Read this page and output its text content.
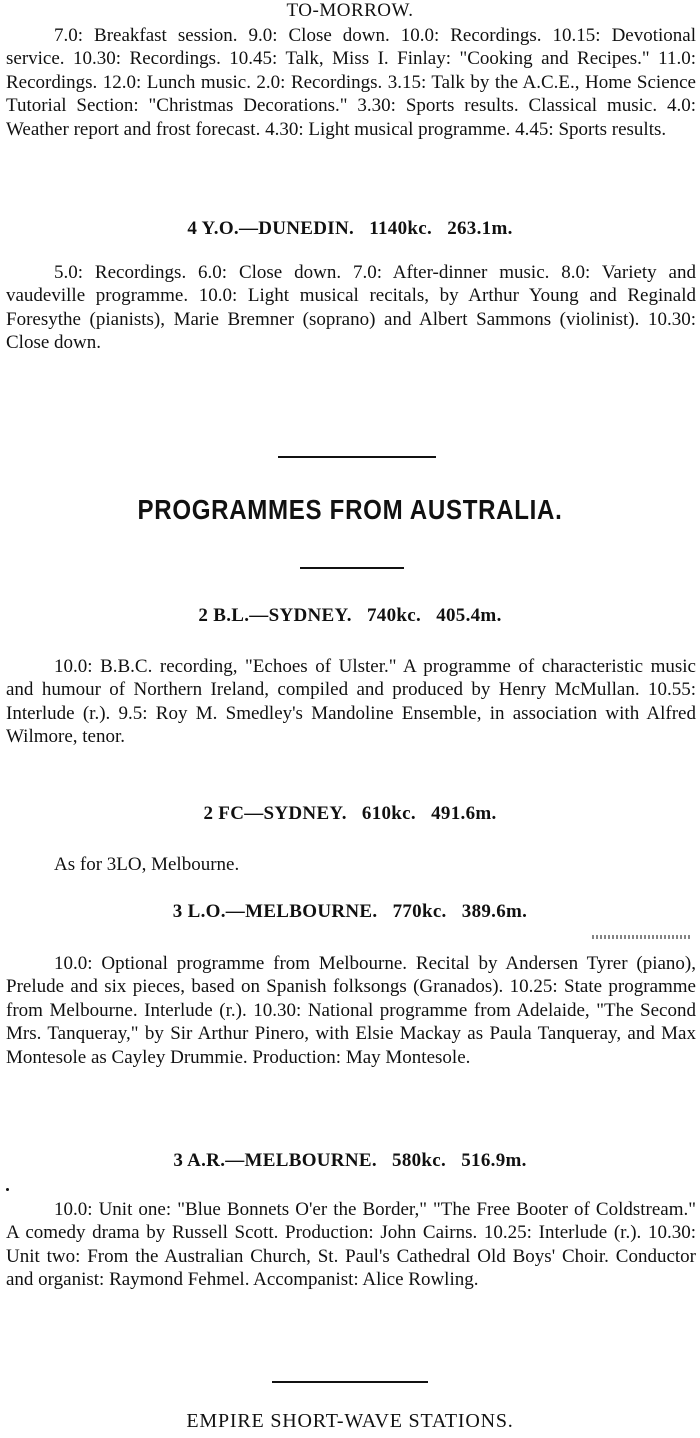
TO-MORROW.

7.0: Breakfast session. 9.0: Close down. 10.0: Recordings. 10.15: Devotional service. 10.30: Recordings. 10.45: Talk, Miss I. Finlay: "Cooking and Recipes." 11.0: Recordings. 12.0: Lunch music. 2.0: Recordings. 3.15: Talk by the A.C.E., Home Science Tutorial Section: "Christmas Decorations." 3.30: Sports results. Classical music. 4.0: Weather report and frost forecast. 4.30: Light musical programme. 4.45: Sports results.

4 Y.O.—DUNEDIN. 1140kc. 263.1m.

5.0: Recordings. 6.0: Close down. 7.0: After-dinner music. 8.0: Variety and vaudeville programme. 10.0: Light musical recitals, by Arthur Young and Reginald Foresythe (pianists), Marie Bremner (soprano) and Albert Sammons (violinist). 10.30: Close down.

PROGRAMMES FROM AUSTRALIA.
2 B.L.—SYDNEY. 740kc. 405.4m.

10.0: B.B.C. recording, "Echoes of Ulster." A programme of characteristic music and humour of Northern Ireland, compiled and produced by Henry McMullan. 10.55: Interlude (r.). 9.5: Roy M. Smedley's Mandoline Ensemble, in association with Alfred Wilmore, tenor.

2 FC—SYDNEY. 610kc. 491.6m.

As for 3LO, Melbourne.

3 L.O.—MELBOURNE. 770kc. 389.6m.

10.0: Optional programme from Melbourne. Recital by Andersen Tyrer (piano), Prelude and six pieces, based on Spanish folksongs (Granados). 10.25: State programme from Melbourne. Interlude (r.). 10.30: National programme from Adelaide, "The Second Mrs. Tanqueray," by Sir Arthur Pinero, with Elsie Mackay as Paula Tanqueray, and Max Montesole as Cayley Drummie. Production: May Montesole.

3 A.R.—MELBOURNE. 580kc. 516.9m.

10.0: Unit one: "Blue Bonnets O'er the Border," "The Free Booter of Coldstream." A comedy drama by Russell Scott. Production: John Cairns. 10.25: Interlude (r.). 10.30: Unit two: From the Australian Church, St. Paul's Cathedral Old Boys' Choir. Conductor and organist: Raymond Fehmel. Accompanist: Alice Rowling.

EMPIRE SHORT-WAVE STATIONS.
